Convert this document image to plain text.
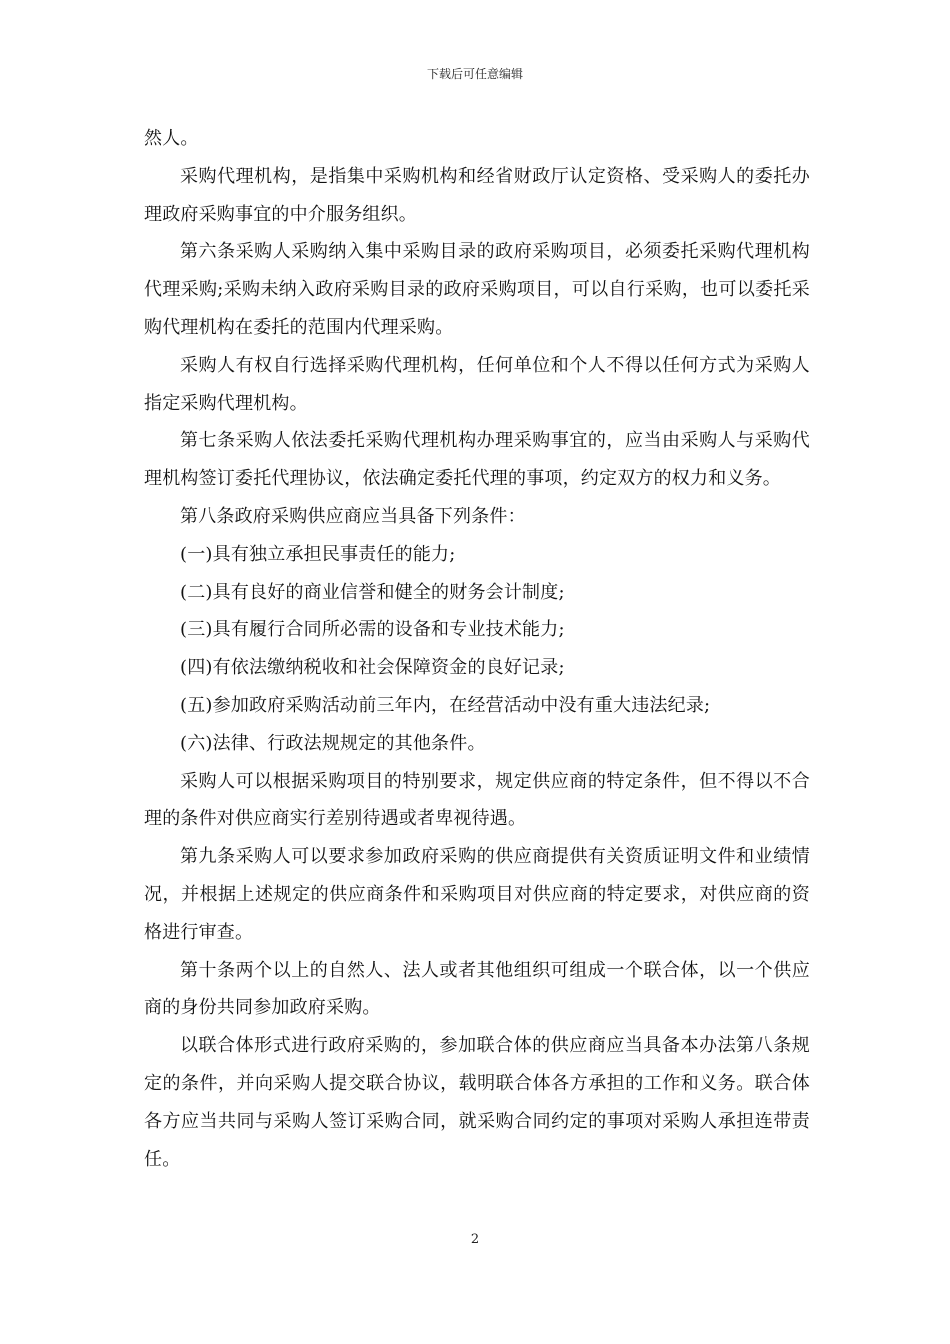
下载后可任意编辑

然人。

采购代理机构，是指集中采购机构和经省财政厅认定资格、受采购人的委托办理政府采购事宜的中介服务组织。

第六条采购人采购纳入集中采购目录的政府采购项目，必须委托采购代理机构代理采购;采购未纳入政府采购目录的政府采购项目，可以自行采购，也可以委托采购代理机构在委托的范围内代理采购。

采购人有权自行选择采购代理机构，任何单位和个人不得以任何方式为采购人指定采购代理机构。

第七条采购人依法委托采购代理机构办理采购事宜的，应当由采购人与采购代理机构签订委托代理协议，依法确定委托代理的事项，约定双方的权力和义务。

第八条政府采购供应商应当具备下列条件：

(一)具有独立承担民事责任的能力;

(二)具有良好的商业信誉和健全的财务会计制度;

(三)具有履行合同所必需的设备和专业技术能力;

(四)有依法缴纳税收和社会保障资金的良好记录;

(五)参加政府采购活动前三年内，在经营活动中没有重大违法纪录;

(六)法律、行政法规规定的其他条件。

采购人可以根据采购项目的特别要求，规定供应商的特定条件，但不得以不合理的条件对供应商实行差别待遇或者卑视待遇。

第九条采购人可以要求参加政府采购的供应商提供有关资质证明文件和业绩情况，并根据上述规定的供应商条件和采购项目对供应商的特定要求，对供应商的资格进行审查。

第十条两个以上的自然人、法人或者其他组织可组成一个联合体，以一个供应商的身份共同参加政府采购。

以联合体形式进行政府采购的，参加联合体的供应商应当具备本办法第八条规定的条件，并向采购人提交联合协议，载明联合体各方承担的工作和义务。联合体各方应当共同与采购人签订采购合同，就采购合同约定的事项对采购人承担连带责任。

2
